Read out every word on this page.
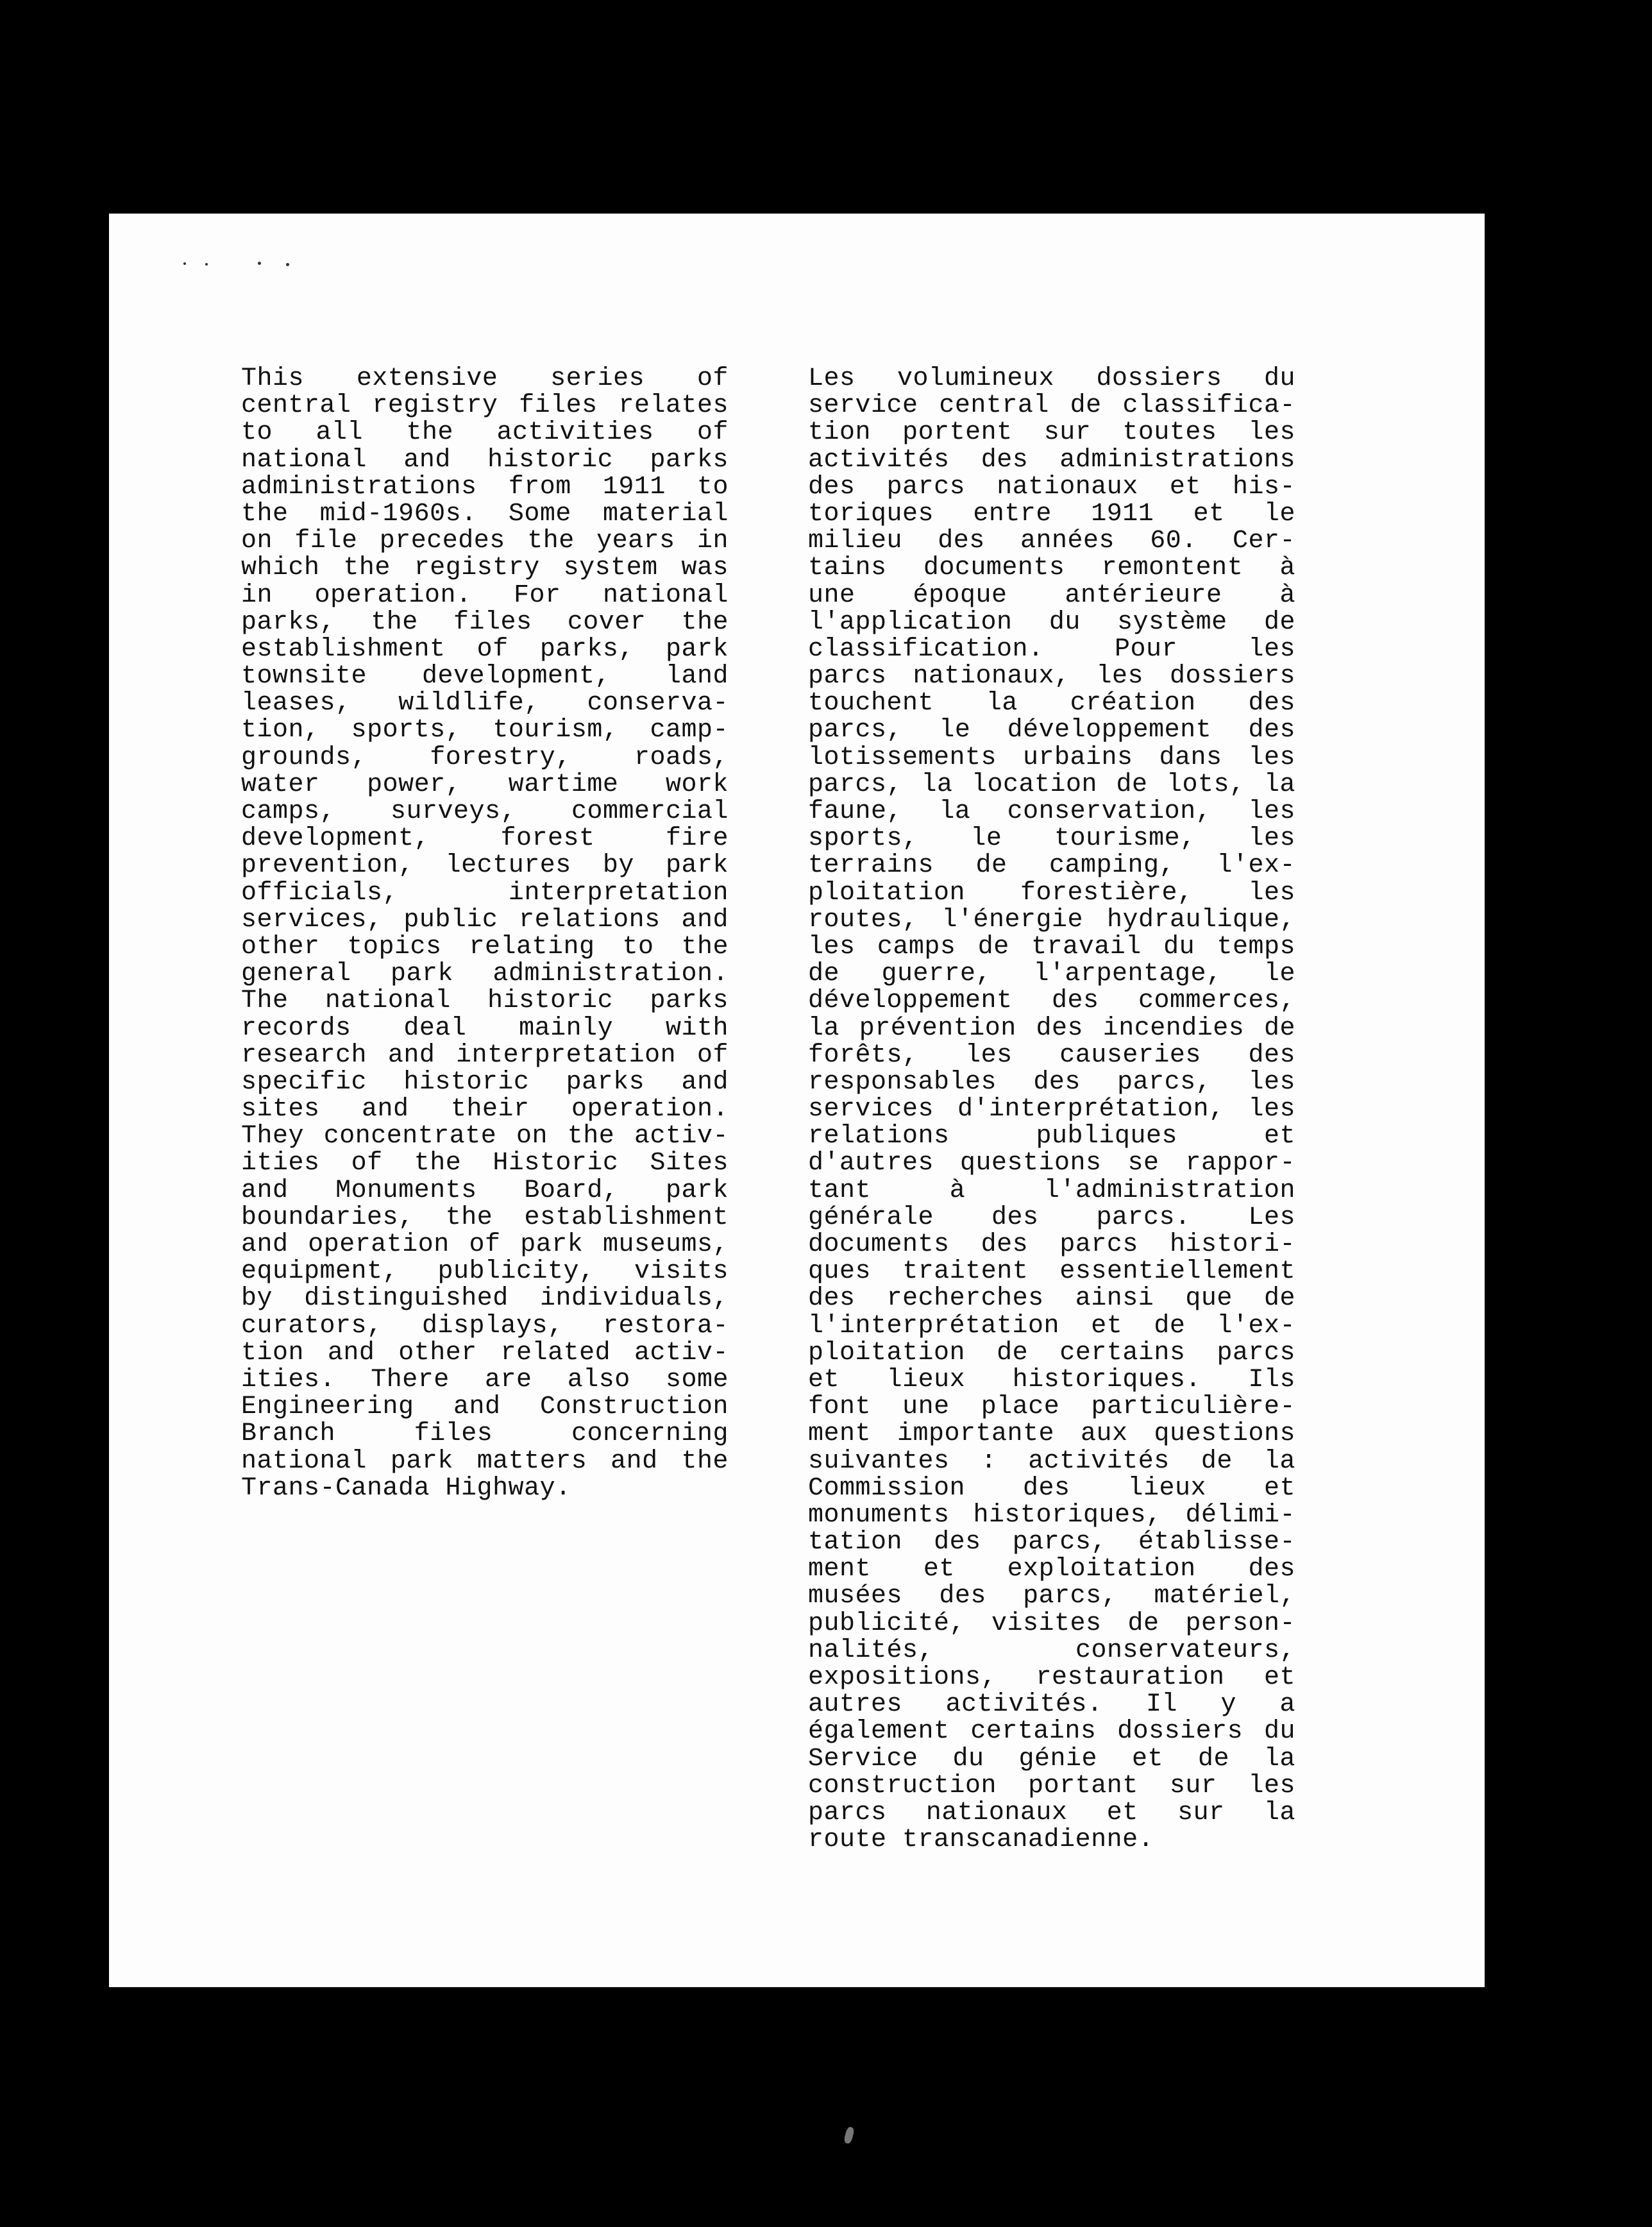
This extensive series of
central registry files relates
to all the activities of
national and historic parks
administrations from 1911 to
the mid-1960s. Some material
on file precedes the years in
which the registry system was
in operation. For national
parks, the files cover the
establishment of parks, park
townsite development, land
leases, wildlife, conserva-
tion, sports, tourism, camp-
grounds, forestry, roads,
water power, wartime work
camps, surveys, commercial
development, forest fire
prevention, lectures by park
officials, interpretation
services, public relations and
other topics relating to the
general park administration.
The national historic parks
records deal mainly with
research and interpretation of
specific historic parks and
sites and their operation.
They concentrate on the activ-
ities of the Historic Sites
and Monuments Board, park
boundaries, the establishment
and operation of park museums,
equipment, publicity, visits
by distinguished individuals,
curators, displays, restora-
tion and other related activ-
ities. There are also some
Engineering and Construction
Branch files concerning
national park matters and the
Trans-Canada Highway.
Les volumineux dossiers du
service central de classifica-
tion portent sur toutes les
activités des administrations
des parcs nationaux et his-
toriques entre 1911 et le
milieu des années 60. Cer-
tains documents remontent à
une époque antérieure à
l'application du système de
classification. Pour les
parcs nationaux, les dossiers
touchent la création des
parcs, le développement des
lotissements urbains dans les
parcs, la location de lots, la
faune, la conservation, les
sports, le tourisme, les
terrains de camping, l'ex-
ploitation forestière, les
routes, l'énergie hydraulique,
les camps de travail du temps
de guerre, l'arpentage, le
développement des commerces,
la prévention des incendies de
forêts, les causeries des
responsables des parcs, les
services d'interprétation, les
relations publiques et
d'autres questions se rappor-
tant à l'administration
générale des parcs. Les
documents des parcs histori-
ques traitent essentiellement
des recherches ainsi que de
l'interprétation et de l'ex-
ploitation de certains parcs
et lieux historiques. Ils
font une place particulière-
ment importante aux questions
suivantes : activités de la
Commission des lieux et
monuments historiques, délimi-
tation des parcs, établisse-
ment et exploitation des
musées des parcs, matériel,
publicité, visites de person-
nalités, conservateurs,
expositions, restauration et
autres activités. Il y a
également certains dossiers du
Service du génie et de la
construction portant sur les
parcs nationaux et sur la
route transcanadienne.
